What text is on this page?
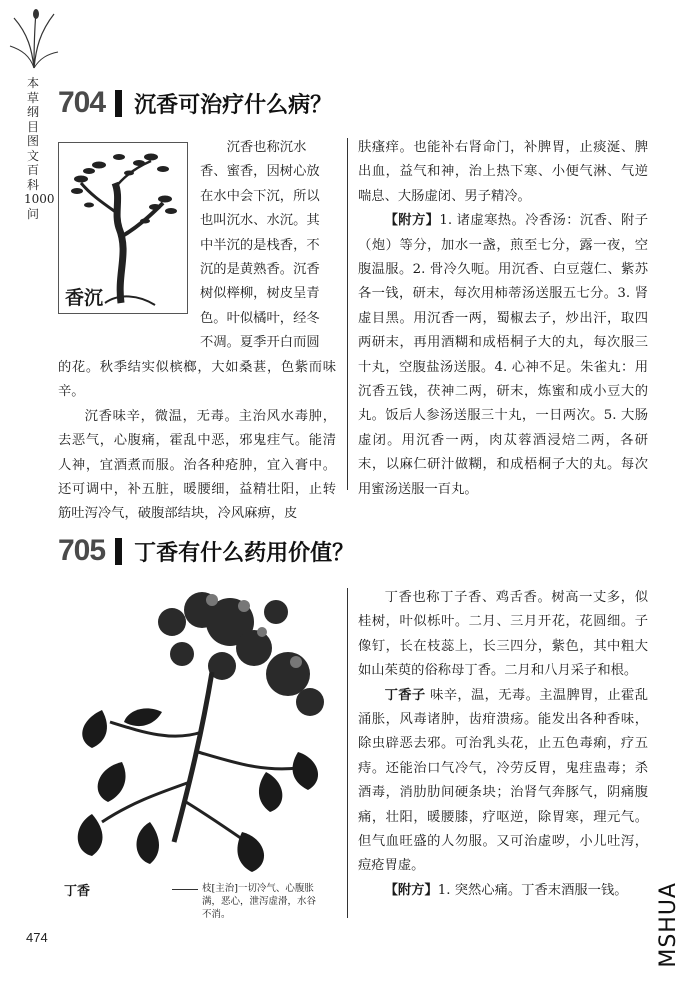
本草纲目图文百科1000问
704 沉香可治疗什么病？
香沉
沉香也称沉水
香、蜜香，因树心放
在水中会下沉，所以
也叫沉水、水沉。其
中半沉的是栈香，不
沉的是黄熟香。沉香
树似榉柳，树皮呈青
色。叶似橘叶，经冬
不凋。夏季开白而圆

的花。秋季结实似槟榔，大如桑葚，色紫而味辛。

沉香味辛，微温，无毒。主治风水毒肿，去恶气，心腹痛，霍乱中恶，邪鬼疰气。能清人神，宜酒煮而服。治各种疮肿，宜入膏中。还可调中，补五脏，暖腰细，益精壮阳，止转筋吐泻冷气，破腹部结块，冷风麻痹，皮

肤瘙痒。也能补右肾命门，补脾胃，止痰涎、脾出血，益气和神，治上热下寒、小便气淋、气逆喘息、大肠虚闭、男子精冷。

【附方】1. 诸虚寒热。冷香汤：沉香、附子（炮）等分，加水一盏，煎至七分，露一夜，空腹温服。2. 骨冷久呃。用沉香、白豆蔻仁、紫苏各一钱，研末，每次用柿蒂汤送服五七分。3. 肾虚目黑。用沉香一两，蜀椒去子，炒出汗，取四两研末，再用酒糊和成梧桐子大的丸，每次服三十丸，空腹盐汤送服。4. 心神不足。朱雀丸：用沉香五钱，茯神二两，研末，炼蜜和成小豆大的丸。饭后人参汤送服三十丸，一日两次。5. 大肠虚闭。用沉香一两，肉苁蓉酒浸焙二两，各研末，以麻仁研汁做糊，和成梧桐子大的丸。每次用蜜汤送服一百丸。

705 丁香有什么药用价值？
丁香	枝[主治]一切冷气、心腹胀
满，恶心，泄泻虚滑，水谷
不消。

丁香也称丁子香、鸡舌香。树高一丈多，似桂树，叶似栎叶。二月、三月开花，花圆细。子像钉，长在枝蕊上，长三四分，紫色，其中粗大如山茱萸的俗称母丁香。二月和八月采子和根。

丁香子 味辛，温，无毒。主温脾胃，止霍乱涌胀，风毒诸肿，齿疳溃疡。能发出各种香味，除虫辟恶去邪。可治乳头花，止五色毒痢，疗五痔。还能治口气冷气，冷劳反胃，鬼疰蛊毒；杀酒毒，消肋肋间硬条块；治肾气奔豚气，阴痛腹痛，壮阳，暖腰膝，疗呕逆，除胃寒，理元气。但气血旺盛的人勿服。又可治虚哕，小儿吐泻，痘疮胃虚。

【附方】1. 突然心痛。丁香末酒服一钱。

474	MSHUA
